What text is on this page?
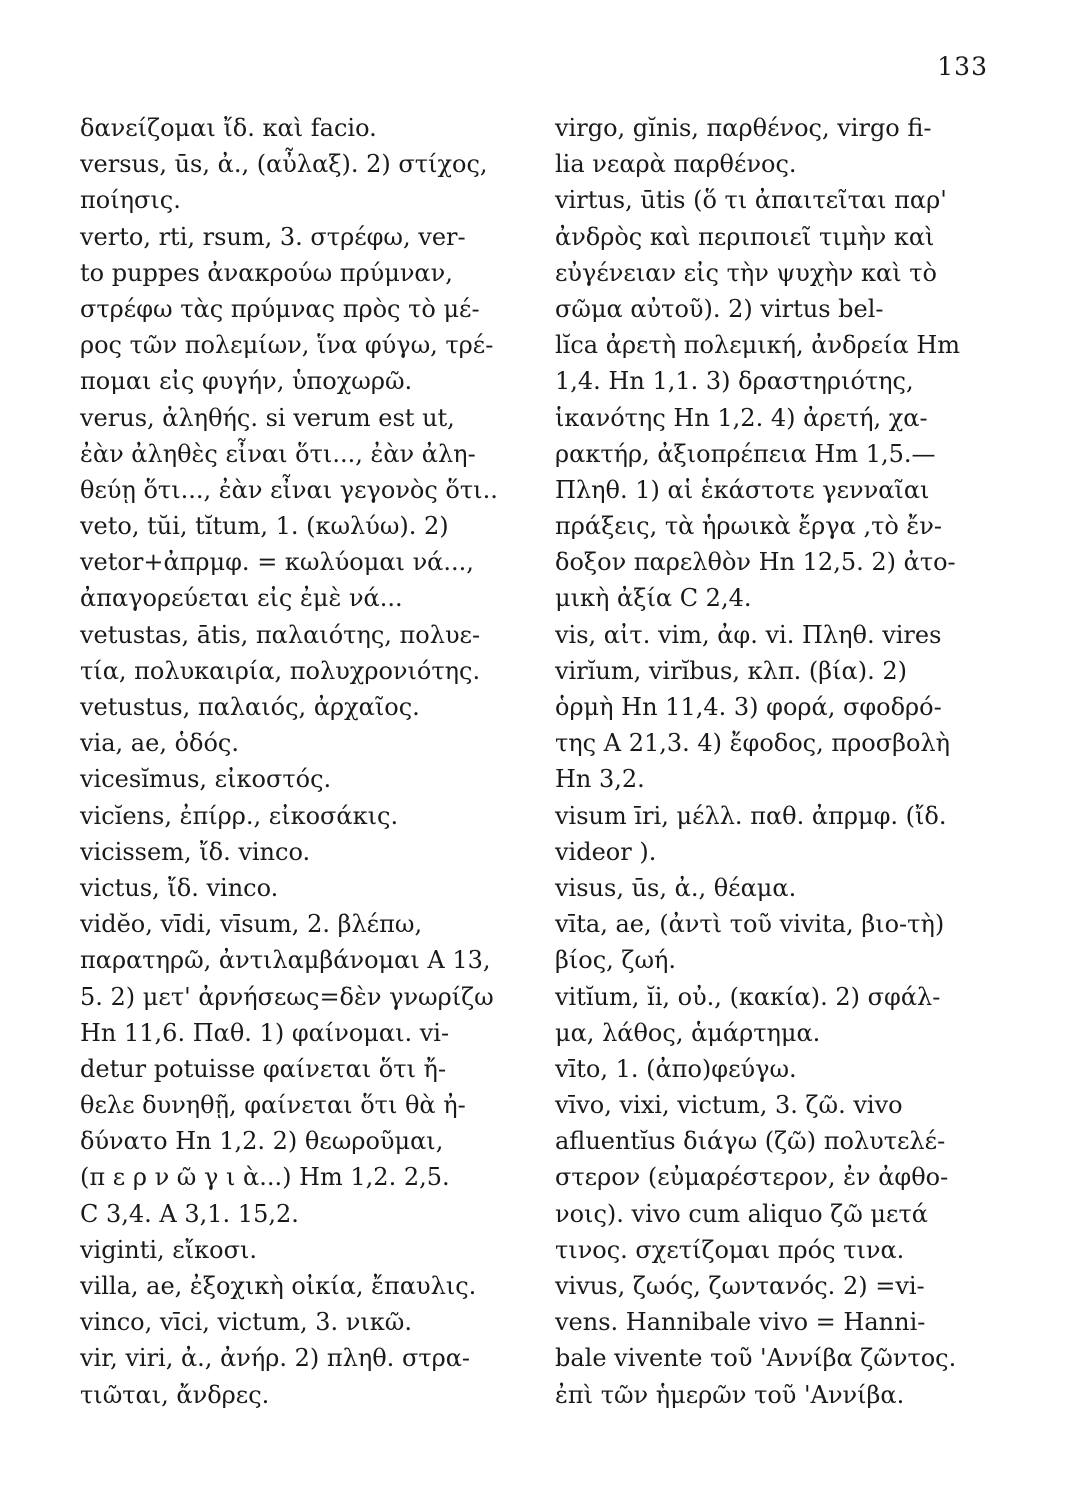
133
δανείζομαι ἴδ. καὶ facio.
versus, ūs, ἀ., (αὖλαξ). 2) στίχος,
ποίησις.
verto, rti, rsum, 3. στρέφω, ver-
to puppes ἀνακρούω πρύμναν,
στρέφω τὰς πρύμνας πρὸς τὸ μέ-
ρος τῶν πολεμίων, ἵνα φύγω, τρέ-
πομαι εἰς φυγήν, ὑποχωρῶ.
verus, ἀληθής. si verum est ut,
ἐὰν ἀληθὲς εἶναι ὅτι..., ἐὰν ἀλη-
θεύῃ ὅτι..., ἐὰν εἶναι γεγονὸς ὅτι..
veto, tŭi, tĭtum, 1. (κωλύω). 2)
vetor+ἀπρμφ. = κωλύομαι νά...,
ἀπαγορεύεται εἰς ἐμὲ νά...
vetustas, ātis, παλαιότης, πολυε-
τία, πολυκαιρία, πολυχρονιότης.
vetustus, παλαιός, ἀρχαῖος.
via, ae, ὁδός.
vicesĭmus, εἰκοστός.
vicĭens, ἐπίρρ., εἰκοσάκις.
vicissem, ἴδ. vinco.
victus, ἴδ. vinco.
vidĕo, vīdi, vīsum, 2. βλέπω,
παρατηρῶ, ἀντιλαμβάνομαι A 13,
5. 2) μετ' ἀρνήσεως=δὲν γνωρίζω
Hn 11,6. Παθ. 1) φαίνομαι. vi-
detur potuisse φαίνεται ὅτι ἤ-
θελε δυνηθῇ, φαίνεται ὅτι θὰ ἠ-
δύνατο Hn 1,2. 2) θεωροῦμαι,
(π ε ρ ν ῶ γ ι ὰ...) Hm 1,2. 2,5.
C 3,4. A 3,1. 15,2.
viginti, εἴκοσι.
villa, ae, ἐξοχικὴ οἰκία, ἔπαυλις.
vinco, vīci, victum, 3. νικῶ.
vir, viri, ἀ., ἀνήρ. 2) πληθ. στρα-
τιῶται, ἄνδρες.
virgo, gĭnis, παρθένος, virgo fi-
lia νεαρὰ παρθένος.
virtus, ūtis (ὅ τι ἀπαιτεῖται παρ'
ἀνδρὸς καὶ περιποιεῖ τιμὴν καὶ
εὐγένειαν εἰς τὴν ψυχὴν καὶ τὸ
σῶμα αὐτοῦ). 2) virtus bel-
lĭca ἀρετὴ πολεμική, ἀνδρεία Hm
1,4. Hn 1,1. 3) δραστηριότης,
ἱκανότης Hn 1,2. 4) ἀρετή, χα-
ρακτήρ, ἀξιοπρέπεια Hm 1,5.—
Πληθ. 1) αἱ ἑκάστοτε γενναῖαι
πράξεις, τὰ ἡρωικὰ ἔργα ,τὸ ἔν-
δοξον παρελθὸν Hn 12,5. 2) ἀτο-
μικὴ ἀξία C 2,4.
vis, αἰτ. vim, ἀφ. vi. Πληθ. vires
virĭum, virĭbus, κλπ. (βία). 2)
ὁρμὴ Hn 11,4. 3) φορά, σφοδρό-
της A 21,3. 4) ἔφοδος, προσβολὴ
Hn 3,2.
visum īri, μέλλ. παθ. ἀπρμφ. (ἴδ.
videor ).
visus, ūs, ἀ., θέαμα.
vīta, ae, (ἀντὶ τοῦ vivita, βιο-τὴ)
βίος, ζωή.
vitĭum, ĭi, οὐ., (κακία). 2) σφάλ-
μα, λάθος, ἁμάρτημα.
vīto, 1. (ἀπο)φεύγω.
vīvo, vixi, victum, 3. ζῶ. vivo
afluentĭus διάγω (ζῶ) πολυτελέ-
στερον (εὐμαρέστερον, ἐν ἀφθο-
νοις). vivo cum aliquo ζῶ μετά
τινος. σχετίζομαι πρός τινα.
vivus, ζωός, ζωντανός. 2) =vi-
vens. Hannibale vivo = Hanni-
bale vivente τοῦ 'Αννίβα ζῶντος.
ἐπὶ τῶν ἡμερῶν τοῦ 'Αννίβα.
